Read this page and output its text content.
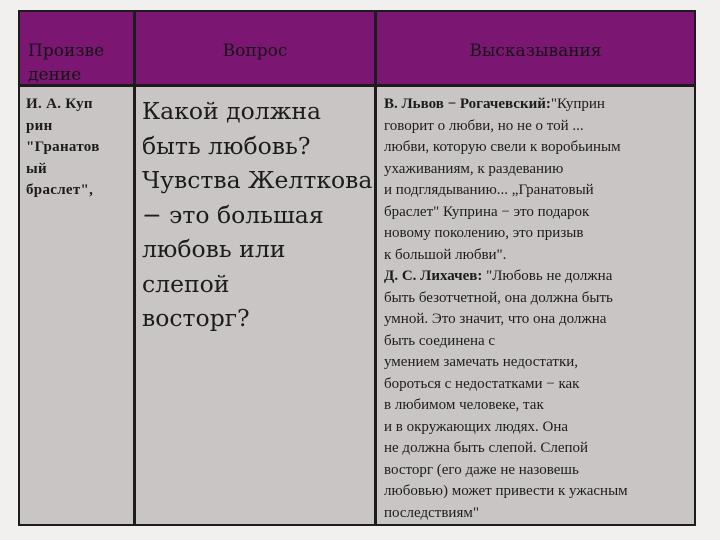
Произве
дение
Вопрос	Высказывания
И. А. Куп
рин
"Гранатов
ый
браслет",
Какой должна
быть любовь?
Чувства Желткова
− это большая
любовь или слепой
восторг?
В. Львов − Рогачевский:"Куприн
говорит о любви, но не о той ...
любви, которую свели к воробьиным
ухаживаниям, к раздеванию
и подглядыванию... „Гранатовый
браслет" Куприна − это подарок
новому поколению, это призыв
к большой любви".
Д. С. Лихачев: "Любовь не должна
быть безотчетной, она должна быть
умной. Это значит, что она должна
быть соединена с
умением замечать недостатки,
бороться с недостатками − как
в любимом человеке, так
и в окружающих людях. Она
не должна быть слепой. Слепой
восторг (его даже не назовешь
любовью) может привести к ужасным
последствиям"
